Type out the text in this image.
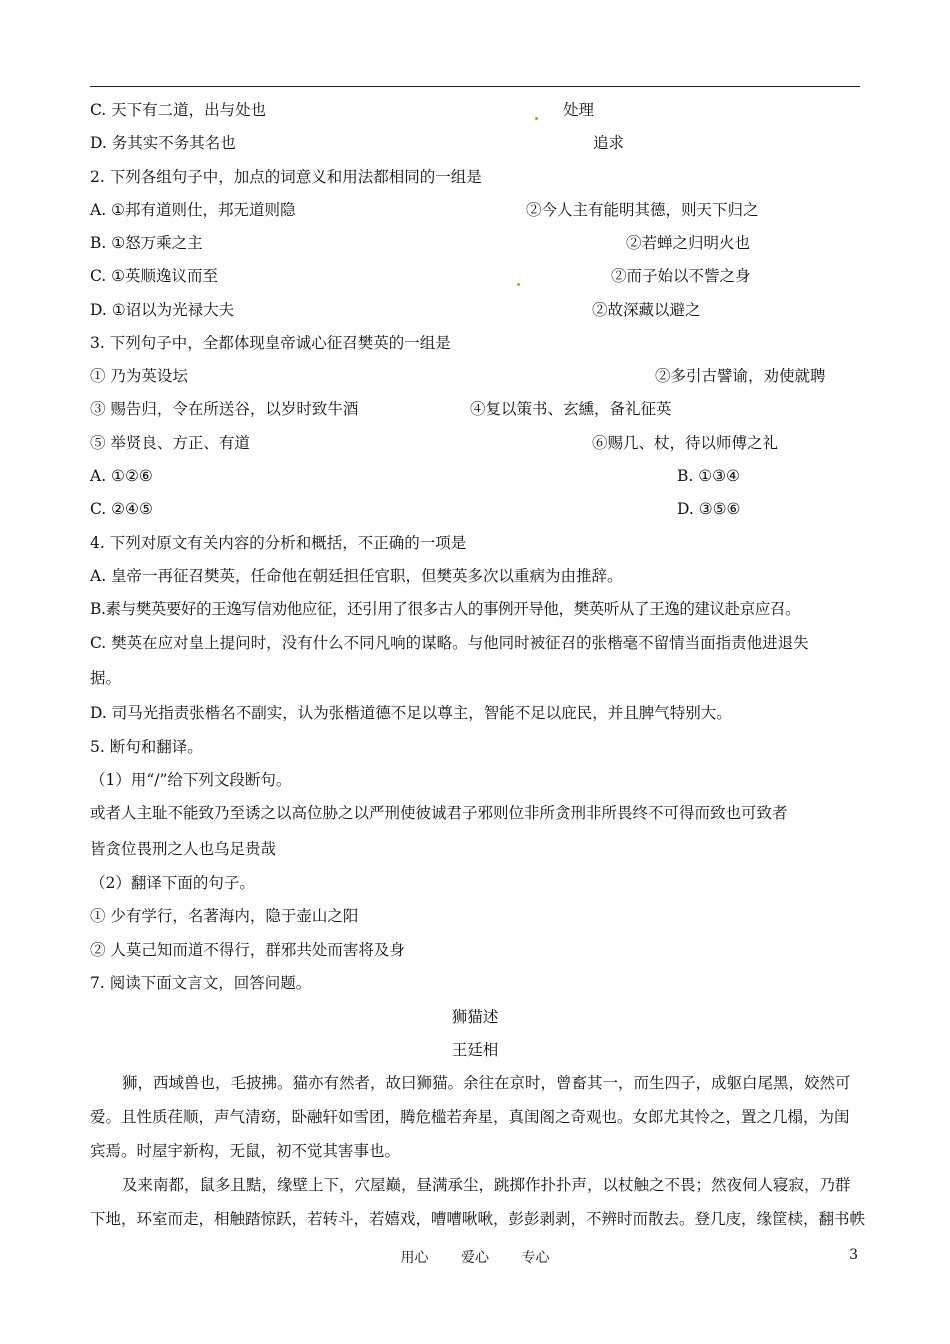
C. 天下有二道，出与处也	处理
D. 务其实不务其名也	追求
2. 下列各组句子中，加点的词意义和用法都相同的一组是
A. ①邦有道则仕，邦无道则隐	②今人主有能明其德，则天下归之
B. ①怒万乘之主	②若蝉之归明火也
C. ①英顺逸议而至	②而子始以不訾之身
D. ①诏以为光禄大夫	②故深藏以避之
3. 下列句子中，全都体现皇帝诚心征召樊英的一组是
① 乃为英设坛	②多引古譬谕，劝使就聘
③ 赐告归，令在所送谷，以岁时致牛酒	④复以策书、玄纁，备礼征英
⑤ 举贤良、方正、有道	⑥赐几、杖，待以师傅之礼
A. ①②⑥	B. ①③④
C. ②④⑤	D. ③⑤⑥
4. 下列对原文有关内容的分析和概括，不正确的一项是
A. 皇帝一再征召樊英，任命他在朝廷担任官职，但樊英多次以重病为由推辞。
B.素与樊英要好的王逸写信劝他应征，还引用了很多古人的事例开导他，樊英听从了王逸的建议赴京应召。
C. 樊英在应对皇上提问时，没有什么不同凡响的谋略。与他同时被征召的张楷毫不留情当面指责他进退失
据。
D. 司马光指责张楷名不副实，认为张楷道德不足以尊主，智能不足以庇民，并且脾气特别大。
5. 断句和翻译。
（1）用“/”给下列文段断句。
或者人主耻不能致乃至诱之以高位胁之以严刑使彼诚君子邪则位非所贪刑非所畏终不可得而致也可致者
皆贪位畏刑之人也乌足贵哉
（2）翻译下面的句子。
① 少有学行，名著海内，隐于壶山之阳
② 人莫己知而道不得行，群邪共处而害将及身
7. 阅读下面文言文，回答问题。
狮猫述
王廷相
狮，西域兽也，毛披拂。猫亦有然者，故曰狮猫。余往在京时，曾畜其一，而生四子，成躯白尾黑，姣然可
爱。且性质荏顺，声气清窈，卧融轩如雪团，腾危槛若奔星，真闺阁之奇观也。女郎尤其怜之，置之几榻，为闺
宾焉。时屋宇新构，无鼠，初不觉其害事也。
及来南都，鼠多且黠，缘壁上下，穴屋巅，昼满承尘，跳掷作扑扑声，以杖触之不畏；然夜伺人寝寂，乃群
下地，环室而走，相触踏惊跃，若转斗，若嬉戏，嘈嘈啾啾，彭彭剥剥，不辨时而散去。登几庋，缘筐椟，翻书帙
用心 爱心 专心	3
